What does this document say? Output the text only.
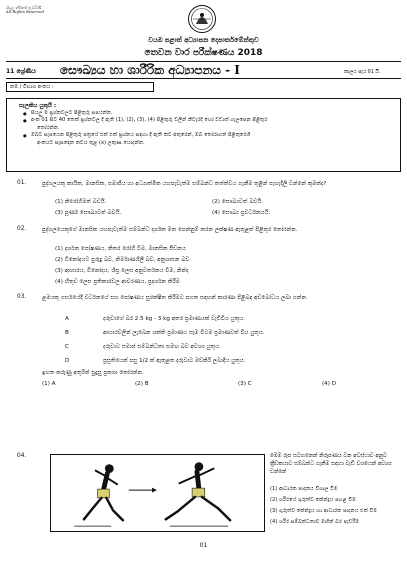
සියලු හිමිකම් ඇවිරිණි
All Rights Reserved
වයඹ පළාත් අධ්‍යාපන දෙපාර්තමේන්තුව
තෙවන වාර පරීක්ෂණය 2018
11 ශ්‍රේණිය සෞඛ්‍යය හා ශාරීරික අධ්‍යාපනය - I	කාලය පැය 01 යි.
නම / විභාග අංකය :
සැලකිය යුතුයි :
● සියලු ම ප්‍රශ්නවලට පිළිතුරු සපයන්න.
● අංක 01 සිට 40 තෙක් ප්‍රශ්නවල දී ඇති (1), (2), (3), (4) පිළිතුරු වලින් නිවැරදි හෝ වඩාත් ගැලපෙන පිළිතුර
තෝරන්න.
● ඔබට සැපයෙන පිළිතුරු පත්‍රයේ එක් එක් ප්‍රශ්නය සඳහා දී ඇති කව අතුරෙන්, ඔබ තෝරාගත් පිළිතුරෙහි
අංකයට සැසඳෙන කවය තුළ (x) ලකුණ යොදන්න.
01.	පුද්ගලයකු කායික, මානසික, සමාජීය හා අධ්‍යාත්මික යහපැවැත්ම සම්බන්ධ තත්ත්වය ගැනීම තුළින් පැහැදිලි වන්නේ කුමක්ද?
(1) නිරෝගිමත් බවයි.	(2) සෞඛ්‍යවත් බවයි.
(3) පූර්ණ සෞඛ්‍යවත් බවයි.	(4) සෞඛ්‍ය ප්‍රවර්ධනයයි.
02.	පුද්ගලයෙකුගේ මානසික යහපැවැත්ම සම්බන්ධ දර්ශක මත පෙන්නුම් කරන ලක්ෂණ ඇතුළත් පිළිතුර තෝරන්න.
(1) දර්ශක පෝෂණය, නිතර රෝගී වීම, මානසික පීඩනය
(2) විනෝදයට පුරුදු බව, නිර්මාණශීලී බව, අනුශාසන බව
(3) ආහාරය, විනෝදය, ශීඝ්‍ර ලෙස අනුවර්තනය වීම, නින්ද
(4) හිතුව ලෙස ප්‍රතිකාරවල ආවරණය, ප්‍රදර්ශන කිරීම
03.	ළමයකු ගර්භයේදී වර්ධනයේ සහ පෝෂණය සුරක්ෂිත කිරීමට පහත සඳහන් කාරණා පිළිබඳ අවබෝධය ලබා ගන්න.
A	දරුවාගේ බර 2.5 kg - 3 kg අතර ප්‍රමාණයක් වැඩිවිය යුතුය.
B	ආහාරවලින් ලැබෙන ශක්ති ප්‍රමාණය සෑම විටම ප්‍රමාණවත් විය යුතුය.
C	දරුවාට සමාජ සම්බන්ධතා සමඟ බව අවශ්‍ය යුතුය.
D	ප්‍රසූතියෙන් පසු 1/2 ක් ඇතුළත දරුවාට මව්කිරි ලබාදිය යුතුය.
ඉහත කරුණු අතුරින් සුදුසු ප්‍රකාශ තෝරන්න.
(1) A	(2) B	(3) C	(4) D
04.	මෙම රූප සටහනෙන් නිරූපණය වන අවස්ථාව අනුව ක්‍රීඩකයාට සම්බන්ධ ගැනීම සඳහා වැඩි වශයෙන් අවශ්‍ය වන්නේ
(1) ආධාරක පාදනය විශාල වීම
(2) ශරීරයේ ගුරුත්ව කේන්ද්‍රය පහළ වීම
(3) ගුරුත්ව කේන්ද්‍රය හා ආධාරක පාදනය එක් වීම
(4) ශරීර සම්බන්ධතාව මඟින් බර පැවරීම
01
